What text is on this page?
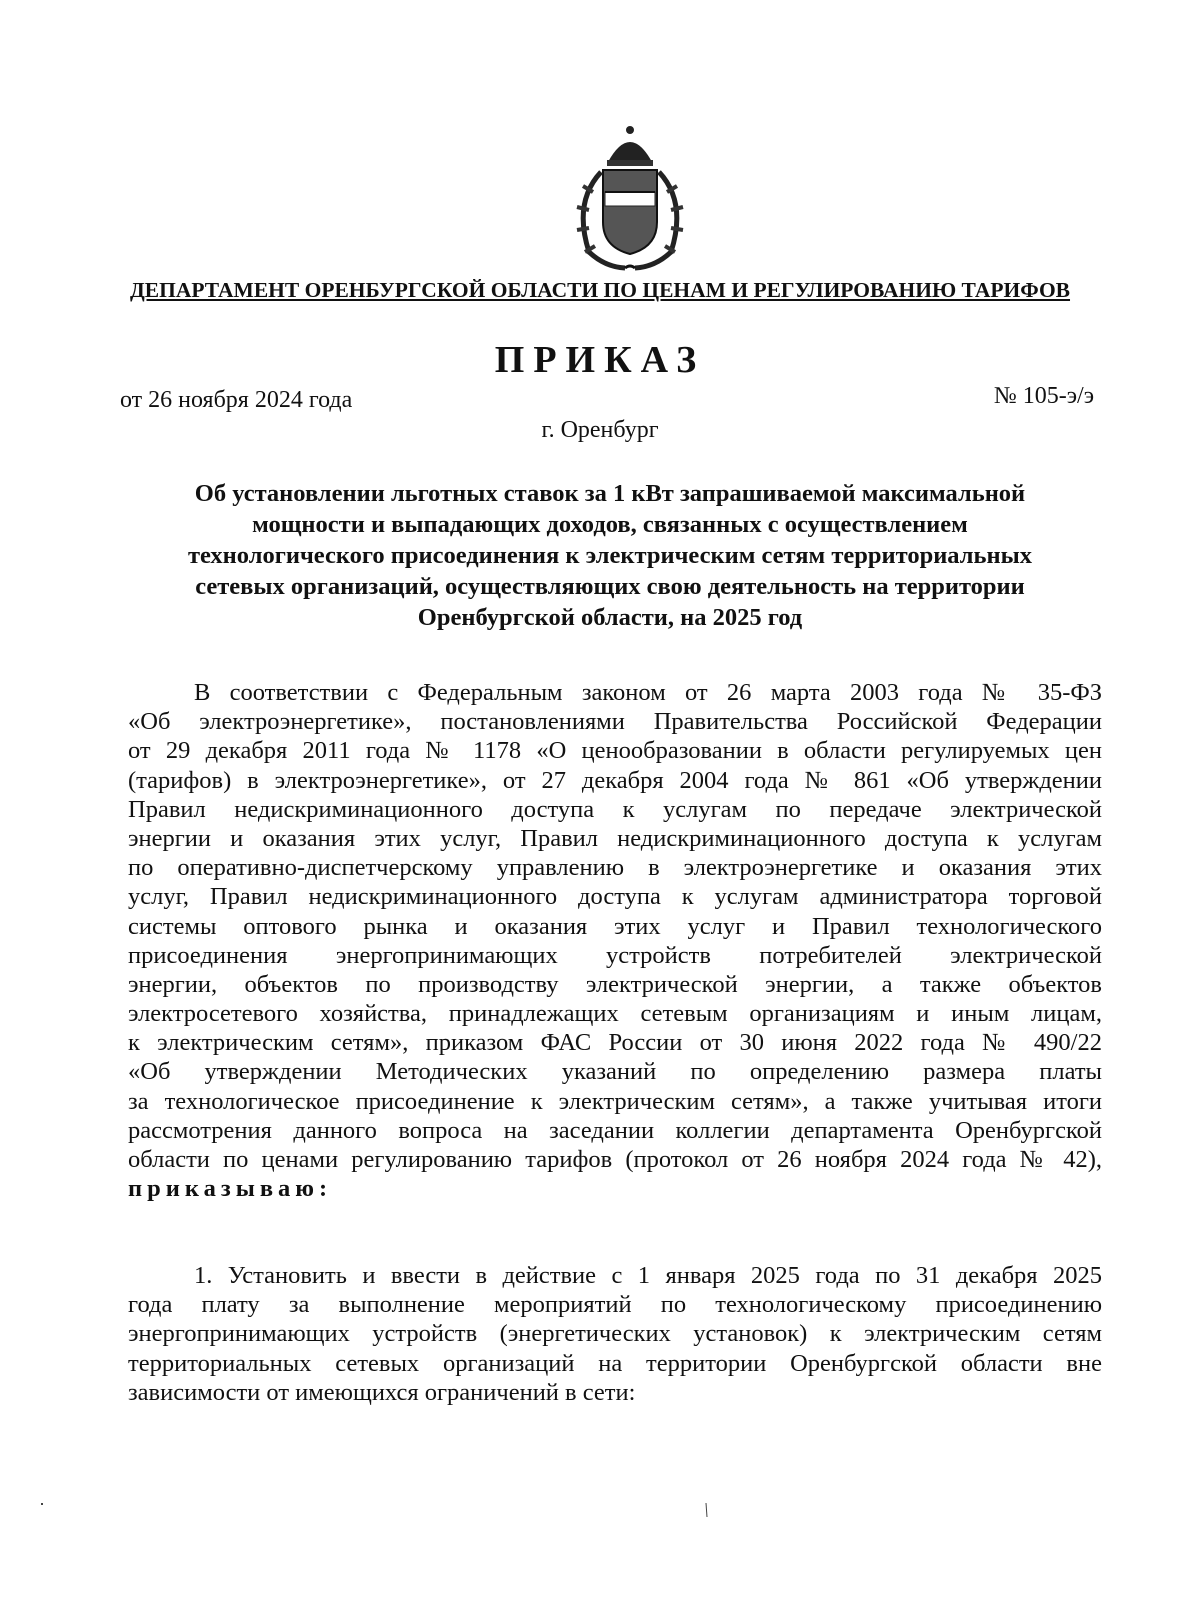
ДЕПАРТАМЕНТ ОРЕНБУРГСКОЙ ОБЛАСТИ ПО ЦЕНАМ И РЕГУЛИРОВАНИЮ ТАРИФОВ
ПРИКАЗ
от 26 ноября 2024 года	№ 105-э/э
г. Оренбург
Об установлении льготных ставок за 1 кВт запрашиваемой максимальной
мощности и выпадающих доходов, связанных с осуществлением
технологического присоединения к электрическим сетям территориальных
сетевых организаций, осуществляющих свою деятельность на территории
Оренбургской области, на 2025 год
В соответствии с Федеральным законом от 26 марта 2003 года № 35-ФЗ
«Об электроэнергетике», постановлениями Правительства Российской Федерации
от 29 декабря 2011 года № 1178 «О ценообразовании в области регулируемых цен
(тарифов) в электроэнергетике», от 27 декабря 2004 года № 861 «Об утверждении
Правил недискриминационного доступа к услугам по передаче электрической
энергии и оказания этих услуг, Правил недискриминационного доступа к услугам
по оперативно-диспетчерскому управлению в электроэнергетике и оказания этих
услуг, Правил недискриминационного доступа к услугам администратора торговой
системы оптового рынка и оказания этих услуг и Правил технологического
присоединения энергопринимающих устройств потребителей электрической
энергии, объектов по производству электрической энергии, а также объектов
электросетевого хозяйства, принадлежащих сетевым организациям и иным лицам,
к электрическим сетям», приказом ФАС России от 30 июня 2022 года № 490/22
«Об утверждении Методических указаний по определению размера платы
за технологическое присоединение к электрическим сетям», а также учитывая итоги
рассмотрения данного вопроса на заседании коллегии департамента Оренбургской
области по ценами регулированию тарифов (протокол от 26 ноября 2024 года № 42),
приказываю:
1. Установить и ввести в действие с 1 января 2025 года по 31 декабря 2025
года плату за выполнение мероприятий по технологическому присоединению
энергопринимающих устройств (энергетических установок) к электрическим сетям
территориальных сетевых организаций на территории Оренбургской области вне
зависимости от имеющихся ограничений в сети:
